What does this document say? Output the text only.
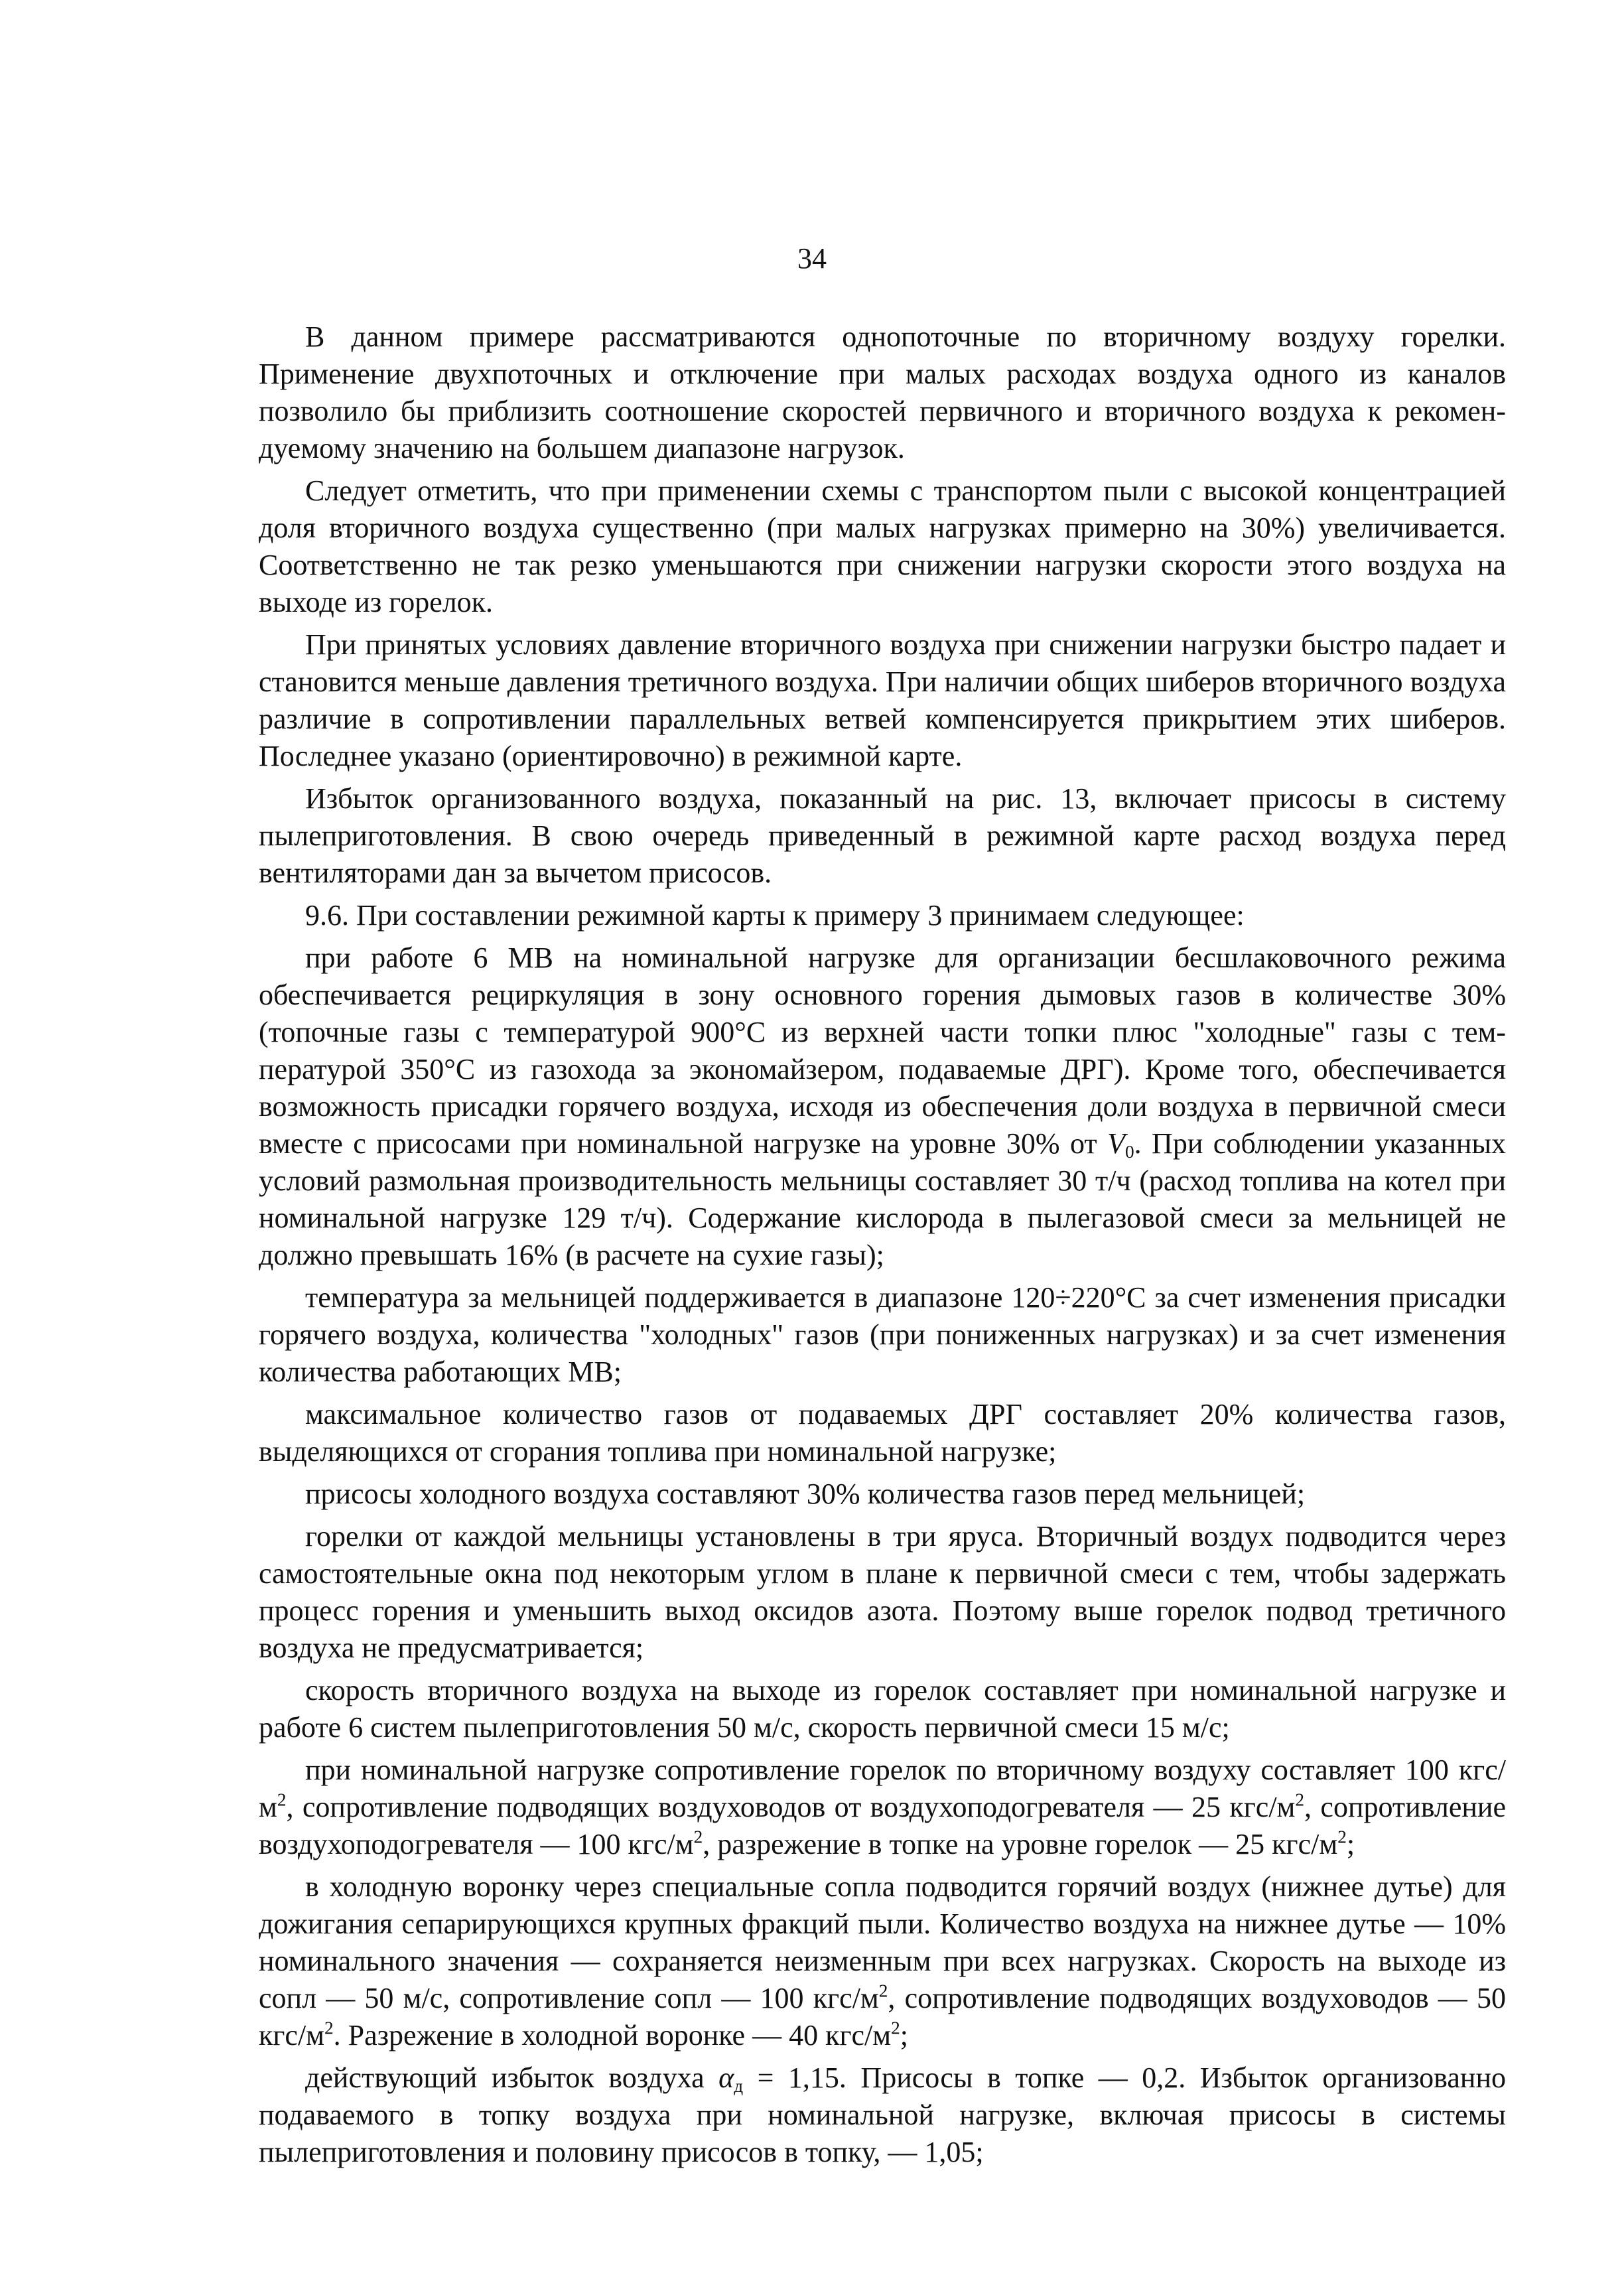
34

В данном примере рассматриваются однопоточные по вторичному воздуху горелки. Применение двухпоточных и отключение при малых расходах воздуха одного из каналов позволило бы приблизить соотношение скоростей первичного и вторичного воздуха к рекомендуемому значению на большем диапазоне нагрузок.

Следует отметить, что при применении схемы с транспортом пыли с высокой концентрацией доля вторичного воздуха существенно (при малых нагрузках примерно на 30%) увеличивается. Соответственно не так резко уменьшаются при снижении нагрузки скорости этого воздуха на выходе из горелок.

При принятых условиях давление вторичного воздуха при снижении нагрузки быстро падает и становится меньше давления третичного воздуха. При наличии общих шиберов вторичного воздуха различие в сопротивлении параллельных ветвей компенсируется прикрытием этих шиберов. Последнее указано (ориентировочно) в режимной карте.

Избыток организованного воздуха, показанный на рис. 13, включает присосы в систему пылеприготовления. В свою очередь приведенный в режимной карте расход воздуха перед вентиляторами дан за вычетом присосов.

9.6. При составлении режимной карты к примеру 3 принимаем следующее:

при работе 6 МВ на номинальной нагрузке для организации бесшлаковочного режима обеспечивается рециркуляция в зону основного горения дымовых газов в количестве 30% (топочные газы с температурой 900°С из верхней части топки плюс "холодные" газы с температурой 350°С из газохода за экономайзером, подаваемые ДРГ). Кроме того, обеспечивается возможность присадки горячего воздуха, исходя из обеспечения доли воздуха в первичной смеси вместе с присосами при номинальной нагрузке на уровне 30% от $V_0$. При соблюдении указанных условий размольная производительность мельницы составляет 30 т/ч (расход топлива на котел при номинальной нагрузке 129 т/ч). Содержание кислорода в пылегазовой смеси за мельницей не должно превышать 16% (в расчете на сухие газы);

температура за мельницей поддерживается в диапазоне 120÷220°С за счет изменения присадки горячего воздуха, количества "холодных" газов (при пониженных нагрузках) и за счет изменения количества работающих МВ;

максимальное количество газов от подаваемых ДРГ составляет 20% количества газов, выделяющихся от сгорания топлива при номинальной нагрузке;

присосы холодного воздуха составляют 30% количества газов перед мельницей;

горелки от каждой мельницы установлены в три яруса. Вторичный воздух подводится через самостоятельные окна под некоторым углом в плане к первичной смеси с тем, чтобы задержать процесс горения и уменьшить выход оксидов азота. Поэтому выше горелок подвод третичного воздуха не предусматривается;

скорость вторичного воздуха на выходе из горелок составляет при номинальной нагрузке и работе 6 систем пылеприготовления 50 м/с, скорость первичной смеси 15 м/с;

при номинальной нагрузке сопротивление горелок по вторичному воздуху составляет 100 кгс/$м^2$, сопротивление подводящих воздуховодов от воздухоподогревателя — 25 кгс/$м^2$, сопротивление воздухоподогревателя — 100 кгс/$м^2$, разрежение в топке на уровне горелок — 25 кгс/$м^2$;

в холодную воронку через специальные сопла подводится горячий воздух (нижнее дутье) для дожигания сепарирующихся крупных фракций пыли. Количество воздуха на нижнее дутье — 10% номинального значения — сохраняется неизменным при всех нагрузках. Скорость на выходе из сопл — 50 м/с, сопротивление сопл — 100 кгс/$м^2$, сопротивление подводящих воздуховодов — 50 кгс/$м^2$. Разрежение в холодной воронке — 40 кгс/$м^2$;

действующий избыток воздуха $\alpha_д = 1,15$. Присосы в топке — 0,2. Избыток организованно подаваемого в топку воздуха при номинальной нагрузке, включая присосы в системы пылеприготовления и половину присосов в топку, — 1,05;
